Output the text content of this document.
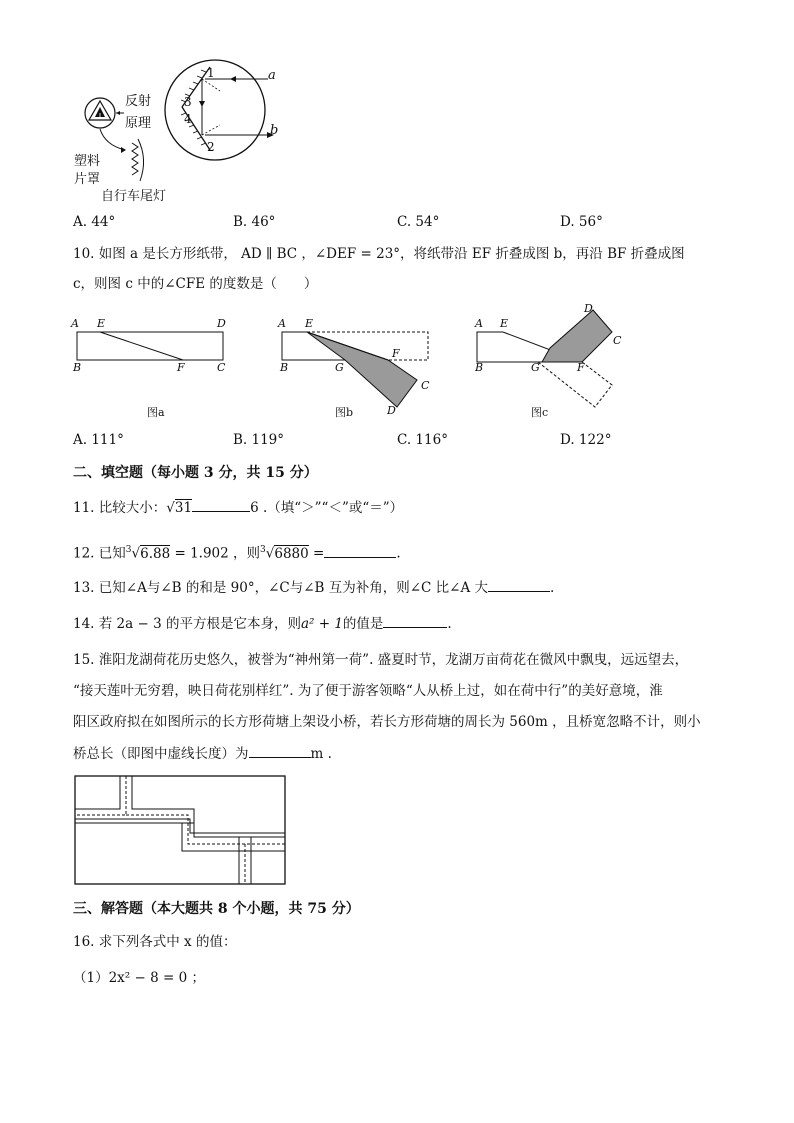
反射
原理
塑料
片罩
自行车尾灯
a
b
1
3
4
2
A. 44°	B. 46°	C. 54°	D. 56°
10. 如图 a 是长方形纸带， AD ∥ BC ，∠DEF = 23°，将纸带沿 EF 折叠成图 b，再沿 BF 折叠成图
c，则图 c 中的∠CFE 的度数是（　　）
A E	D
B	F	C
图a
A E
F
B	G
C
D
图b
A E
D
C
B	G	F
图c
A. 111°	B. 119°	C. 116°	D. 122°
二、填空题（每小题 3 分，共 15 分）
11. 比较大小：√31	6 .（填“＞”“＜”或“＝”）
12. 已知$^3$√6.88 = 1.902 ，则$^3$√6880 =	.
13. 已知∠A与∠B 的和是 90°，∠C与∠B 互为补角，则∠C 比∠A 大	.
14. 若 2a − 3 的平方根是它本身，则a² + 1的值是	.
15. 淮阳龙湖荷花历史悠久，被誉为“神州第一荷”. 盛夏时节，龙湖万亩荷花在微风中飘曳，远远望去，
“接天莲叶无穷碧，映日荷花别样红”. 为了便于游客领略“人从桥上过，如在荷中行”的美好意境，淮
阳区政府拟在如图所示的长方形荷塘上架设小桥，若长方形荷塘的周长为 560m ，且桥宽忽略不计，则小
桥总长（即图中虚线长度）为	m .
三、解答题（本大题共 8 个小题，共 75 分）
16. 求下列各式中 x 的值：
（1）2x² − 8 = 0 ；
